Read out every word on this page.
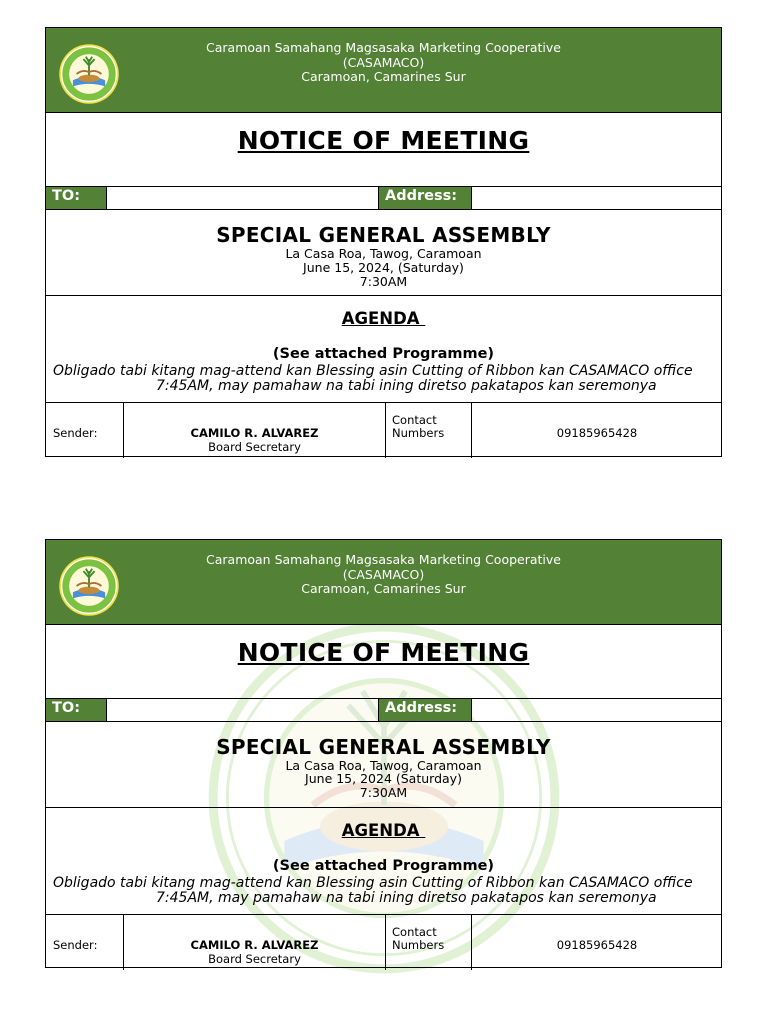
Caramoan Samahang Magsasaka Marketing Cooperative
(CASAMACO)
Caramoan, Camarines Sur
NOTICE OF MEETING
TO:	Address:
SPECIAL GENERAL ASSEMBLY
La Casa Roa, Tawog, Caramoan
June 15, 2024, (Saturday)
7:30AM
AGENDA
(See attached Programme)
Obligado tabi kitang mag-attend kan Blessing asin Cutting of Ribbon kan CASAMACO office
7:45AM, may pamahaw na tabi ining diretso pakatapos kan seremonya
Sender:	CAMILO R. ALVAREZ
Board Secretary
Contact
Numbers	09185965428
Caramoan Samahang Magsasaka Marketing Cooperative
(CASAMACO)
Caramoan, Camarines Sur
NOTICE OF MEETING
TO:	Address:
SPECIAL GENERAL ASSEMBLY
La Casa Roa, Tawog, Caramoan
June 15, 2024 (Saturday)
7:30AM
AGENDA
(See attached Programme)
Obligado tabi kitang mag-attend kan Blessing asin Cutting of Ribbon kan CASAMACO office
7:45AM, may pamahaw na tabi ining diretso pakatapos kan seremonya
Sender:	CAMILO R. ALVAREZ
Board Secretary
Contact
Numbers	09185965428
